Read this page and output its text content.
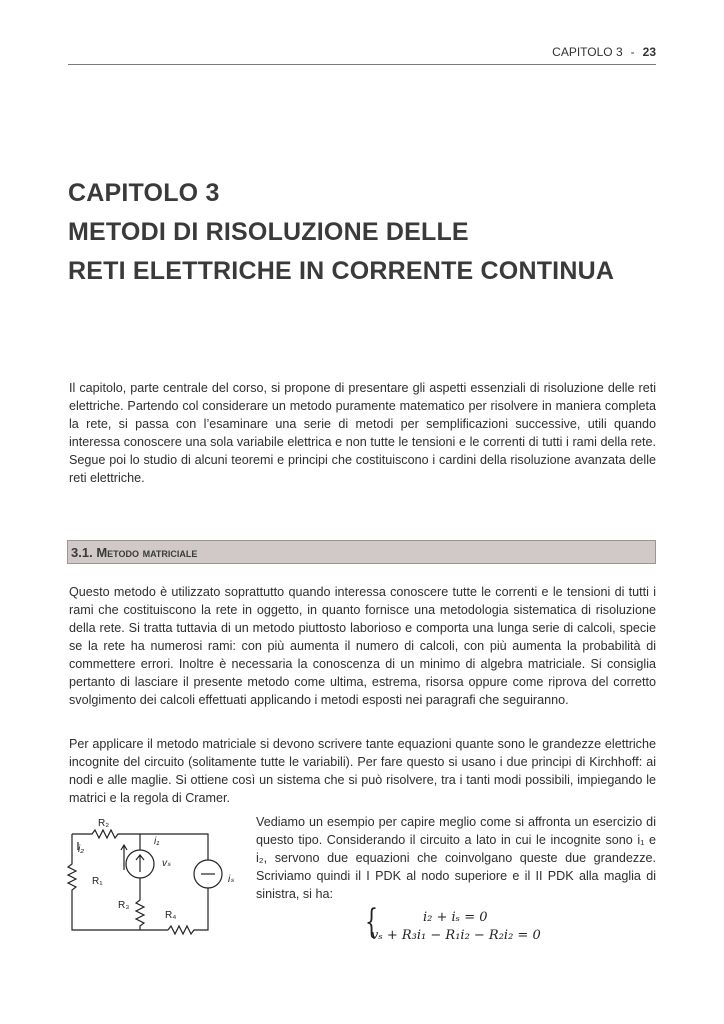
CAPITOLO 3 - 23
CAPITOLO 3
METODI DI RISOLUZIONE DELLE
RETI ELETTRICHE IN CORRENTE CONTINUA

Il capitolo, parte centrale del corso, si propone di presentare gli aspetti essenziali di risoluzione delle reti elettriche. Partendo col considerare un metodo puramente matematico per risolvere in maniera completa la rete, si passa con l’esaminare una serie di metodi per semplificazioni successive, utili quando interessa conoscere una sola variabile elettrica e non tutte le tensioni e le correnti di tutti i rami della rete. Segue poi lo studio di alcuni teoremi e principi che costituiscono i cardini della risoluzione avanzata delle reti elettriche.

3.1.
Metodo matriciale

Questo metodo è utilizzato soprattutto quando interessa conoscere tutte le correnti e le tensioni di tutti i rami che costituiscono la rete in oggetto, in quanto fornisce una metodologia sistematica di risoluzione della rete. Si tratta tuttavia di un metodo piuttosto laborioso e comporta una lunga serie di calcoli, specie se la rete ha numerosi rami: con più aumenta il numero di calcoli, con più aumenta la probabilità di commettere errori. Inoltre è necessaria la conoscenza di un minimo di algebra matriciale. Si consiglia pertanto di lasciare il presente metodo come ultima, estrema, risorsa oppure come riprova del corretto svolgimento dei calcoli effettuati applicando i metodi esposti nei paragrafi che seguiranno.

Per applicare il metodo matriciale si devono scrivere tante equazioni quante sono le grandezze elettriche incognite del circuito (solitamente tutte le variabili). Per fare questo si usano i due principi di Kirchhoff: ai nodi e alle maglie. Si ottiene così un sistema che si può risolvere, tra i tanti modi possibili, impiegando le matrici e la regola di Cramer.

Vediamo un esempio per capire meglio come si affronta un esercizio di questo tipo. Considerando il circuito a lato in cui le incognite sono i₁ e i₂, servono due equazioni che coinvolgano queste due grandezze. Scriviamo quindi il I PDK al nodo superiore e il II PDK alla maglia di sinistra, si ha:

R₂
i₂
R₁
i₁
vₛ
iₛ
R₃
R₄	{	i₂ + iₛ = 0
vₛ + R₃i₁ − R₁i₂ − R₂i₂ = 0
